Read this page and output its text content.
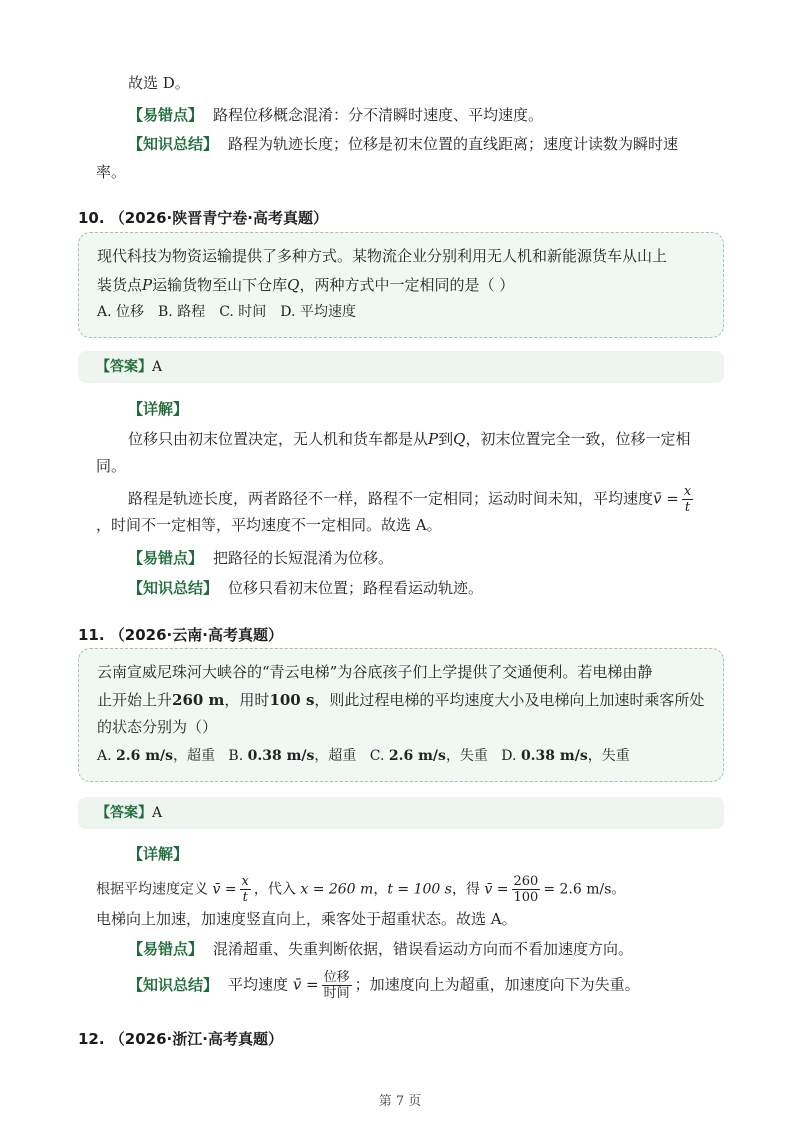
故选 D。
【易错点】 路程位移概念混淆：分不清瞬时速度、平均速度。
【知识总结】 路程为轨迹长度；位移是初末位置的直线距离；速度计读数为瞬时速
率。
10. （2026·陕晋青宁卷·高考真题）
现代科技为物资运输提供了多种方式。某物流企业分别利用无人机和新能源货车从山上
装货点P运输货物至山下仓库Q，两种方式中一定相同的是（ ）
A. 位移　B. 路程　C. 时间　D. 平均速度
【答案】A
【详解】
位移只由初末位置决定，无人机和货车都是从P到Q，初末位置完全一致，位移一定相
同。
路程是轨迹长度，两者路径不一样，路程不一定相同；运动时间未知，平均速度v̄ = $\frac{x}{t}$
，时间不一定相等，平均速度不一定相同。故选 A。
【易错点】 把路径的长短混淆为位移。
【知识总结】 位移只看初末位置；路程看运动轨迹。
11. （2026·云南·高考真题）
云南宣威尼珠河大峡谷的“青云电梯”为谷底孩子们上学提供了交通便利。若电梯由静
止开始上升260 m，用时100 s，则此过程电梯的平均速度大小及电梯向上加速时乘客所处
的状态分别为（）
A. 2.6 m/s，超重 B. 0.38 m/s，超重 C. 2.6 m/s，失重 D. 0.38 m/s，失重
【答案】A
【详解】
根据平均速度定义 v̄ = $\frac{x}{t}$ ，代入 x = 260 m，t = 100 s，得 v̄ = $\frac{260}{100} = 2.6$ m/s。
电梯向上加速，加速度竖直向上，乘客处于超重状态。故选 A。
【易错点】 混淆超重、失重判断依据，错误看运动方向而不看加速度方向。
【知识总结】 平均速度 v̄ = $\frac{\text{位移}}{\text{时间}}$ ；加速度向上为超重，加速度向下为失重。
12. （2026·浙江·高考真题）
第 7 页
